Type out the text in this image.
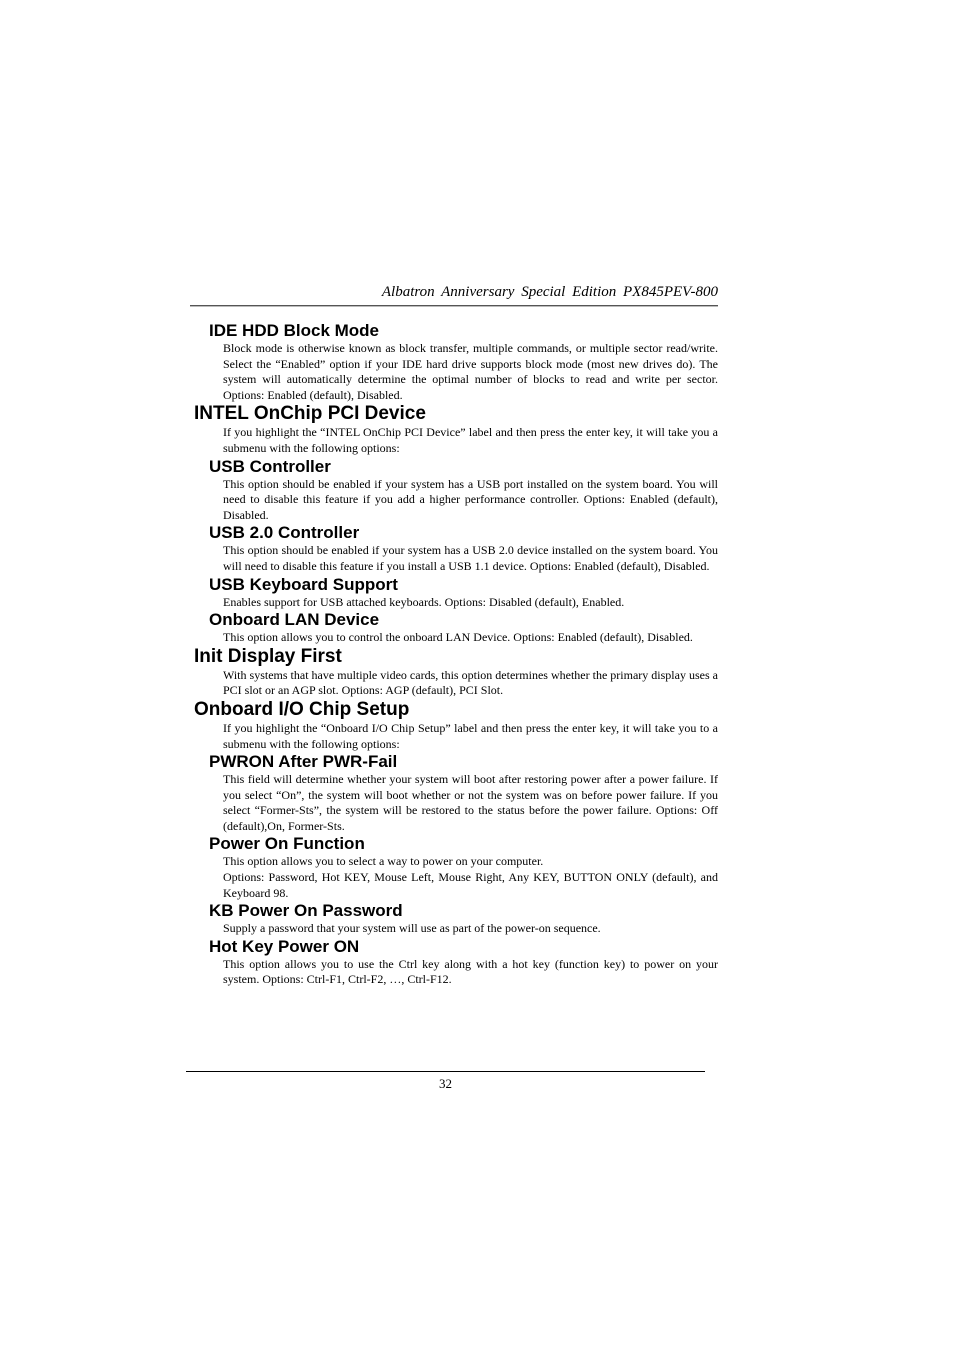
Albatron Anniversary Special Edition PX845PEV-800
IDE HDD Block Mode

Block mode is otherwise known as block transfer, multiple commands, or multiple sector read/write. Select the “Enabled” option if your IDE hard drive supports block mode (most new drives do). The system will automatically determine the optimal number of blocks to read and write per sector. Options: Enabled (default), Disabled.

INTEL OnChip PCI Device

If you highlight the “INTEL OnChip PCI Device” label and then press the enter key, it will take you a submenu with the following options:

USB Controller

This option should be enabled if your system has a USB port installed on the system board. You will need to disable this feature if you add a higher performance controller. Options: Enabled (default), Disabled.

USB 2.0 Controller

This option should be enabled if your system has a USB 2.0 device installed on the system board. You will need to disable this feature if you install a USB 1.1 device. Options: Enabled (default), Disabled.

USB Keyboard Support

Enables support for USB attached keyboards. Options: Disabled (default), Enabled.

Onboard LAN Device

This option allows you to control the onboard LAN Device. Options: Enabled (default), Disabled.

Init Display First

With systems that have multiple video cards, this option determines whether the primary display uses a PCI slot or an AGP slot. Options: AGP (default), PCI Slot.

Onboard I/O Chip Setup

If you highlight the “Onboard I/O Chip Setup” label and then press the enter key, it will take you to a submenu with the following options:

PWRON After PWR-Fail

This field will determine whether your system will boot after restoring power after a power failure. If you select “On”, the system will boot whether or not the system was on before power failure. If you select “Former-Sts”, the system will be restored to the status before the power failure. Options: Off (default),On, Former-Sts.

Power On Function

This option allows you to select a way to power on your computer.

Options: Password, Hot KEY, Mouse Left, Mouse Right, Any KEY, BUTTON ONLY (default), and Keyboard 98.

KB Power On Password

Supply a password that your system will use as part of the power-on sequence.

Hot Key Power ON

This option allows you to use the Ctrl key along with a hot key (function key) to power on your system. Options: Ctrl-F1, Ctrl-F2, …, Ctrl-F12.

32
